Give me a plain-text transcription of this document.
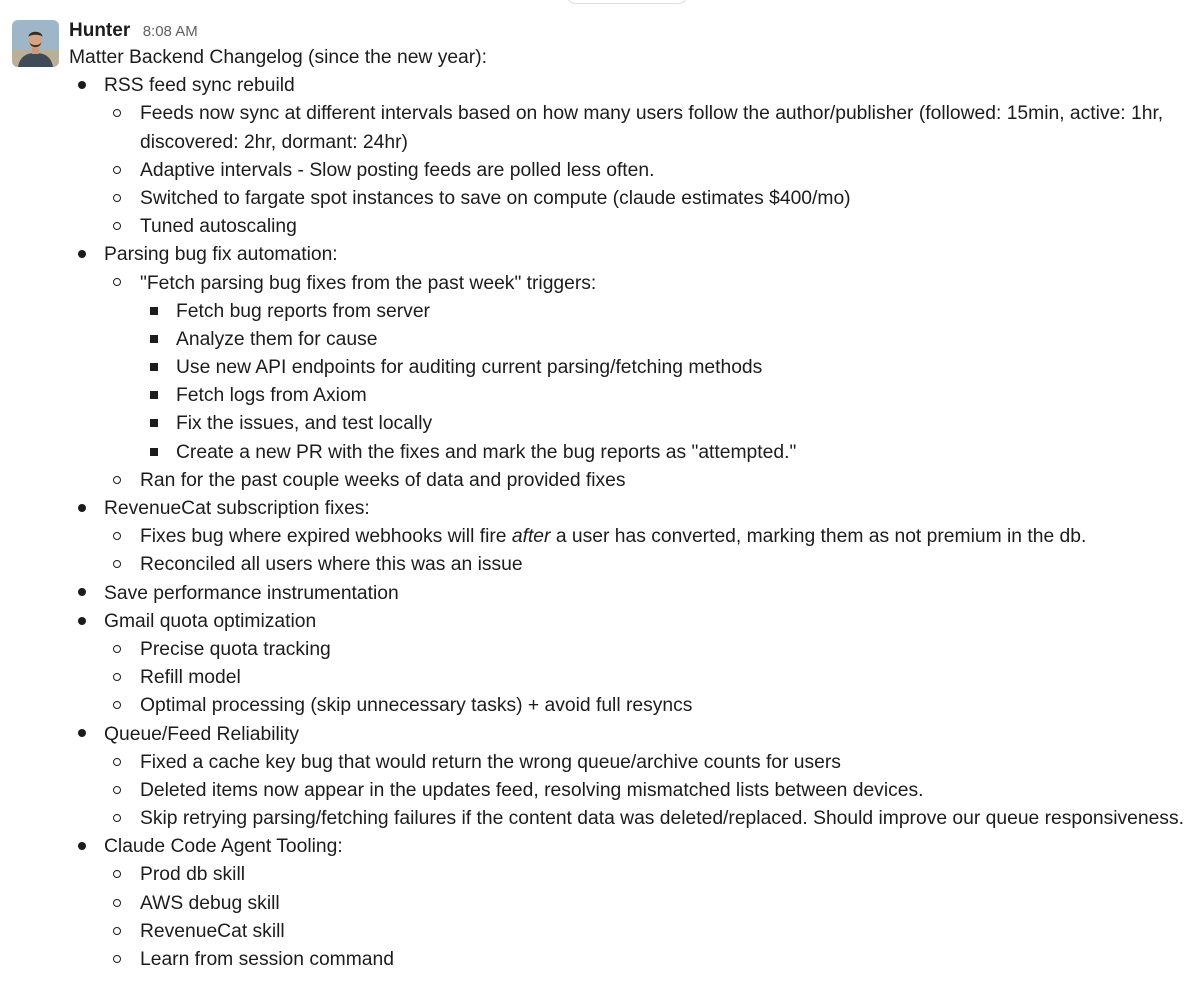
Hunter 8:08 AM
Matter Backend Changelog (since the new year):
RSS feed sync rebuild
Feeds now sync at different intervals based on how many users follow the author/publisher (followed: 15min, active: 1hr,
discovered: 2hr, dormant: 24hr)
Adaptive intervals - Slow posting feeds are polled less often.
Switched to fargate spot instances to save on compute (claude estimates $400/mo)
Tuned autoscaling
Parsing bug fix automation:
"Fetch parsing bug fixes from the past week" triggers:
Fetch bug reports from server
Analyze them for cause
Use new API endpoints for auditing current parsing/fetching methods
Fetch logs from Axiom
Fix the issues, and test locally
Create a new PR with the fixes and mark the bug reports as "attempted."
Ran for the past couple weeks of data and provided fixes
RevenueCat subscription fixes:
Fixes bug where expired webhooks will fire after a user has converted, marking them as not premium in the db.
Reconciled all users where this was an issue
Save performance instrumentation
Gmail quota optimization
Precise quota tracking
Refill model
Optimal processing (skip unnecessary tasks) + avoid full resyncs
Queue/Feed Reliability
Fixed a cache key bug that would return the wrong queue/archive counts for users
Deleted items now appear in the updates feed, resolving mismatched lists between devices.
Skip retrying parsing/fetching failures if the content data was deleted/replaced. Should improve our queue responsiveness.
Claude Code Agent Tooling:
Prod db skill
AWS debug skill
RevenueCat skill
Learn from session command
